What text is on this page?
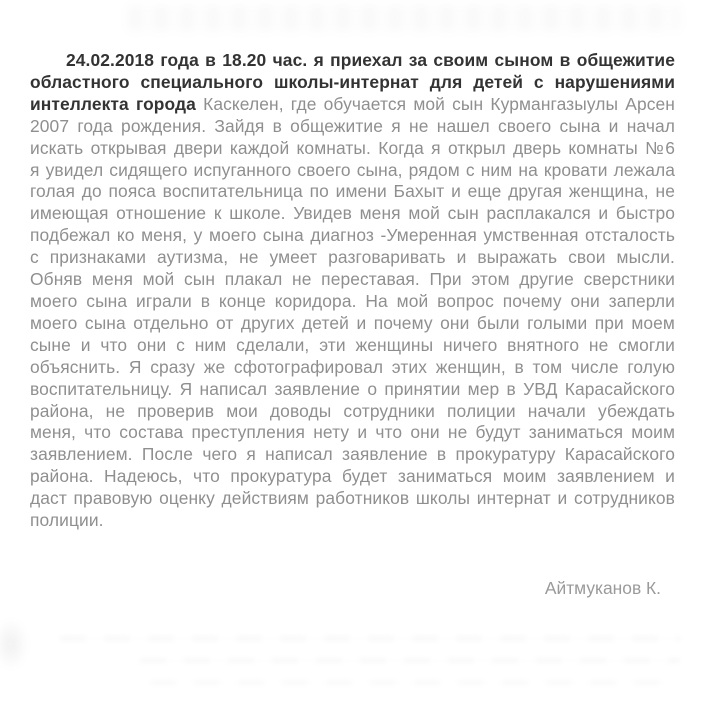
24.02.2018 года в 18.20 час. я приехал за своим сыном в общежитие областного специального школы-интернат для детей с нарушениями интеллекта города Каскелен, где обучается мой сын Курмангазыулы Арсен 2007 года рождения. Зайдя в общежитие я не нашел своего сына и начал искать открывая двери каждой комнаты. Когда я открыл дверь комнаты №6 я увидел сидящего испуганного своего сына, рядом с ним на кровати лежала голая до пояса воспитательница по имени Бахыт и еще другая женщина, не имеющая отношение к школе. Увидев меня мой сын расплакался и быстро подбежал ко меня, у моего сына диагноз -Умеренная умственная отсталость с признаками аутизма, не умеет разговаривать и выражать свои мысли. Обняв меня мой сын плакал не переставая. При этом другие сверстники моего сына играли в конце коридора. На мой вопрос почему они заперли моего сына отдельно от других детей и почему они были голыми при моем сыне и что они с ним сделали, эти женщины ничего внятного не смогли объяснить. Я сразу же сфотографировал этих женщин, в том числе голую воспитательницу. Я написал заявление о принятии мер в УВД Карасайского района, не проверив мои доводы сотрудники полиции начали убеждать меня, что состава преступления нету и что они не будут заниматься моим заявлением. После чего я написал заявление в прокуратуру Карасайского района. Надеюсь, что прокуратура будет заниматься моим заявлением и даст правовую оценку действиям работников школы интернат и сотрудников полиции.

Айтмуканов К.
